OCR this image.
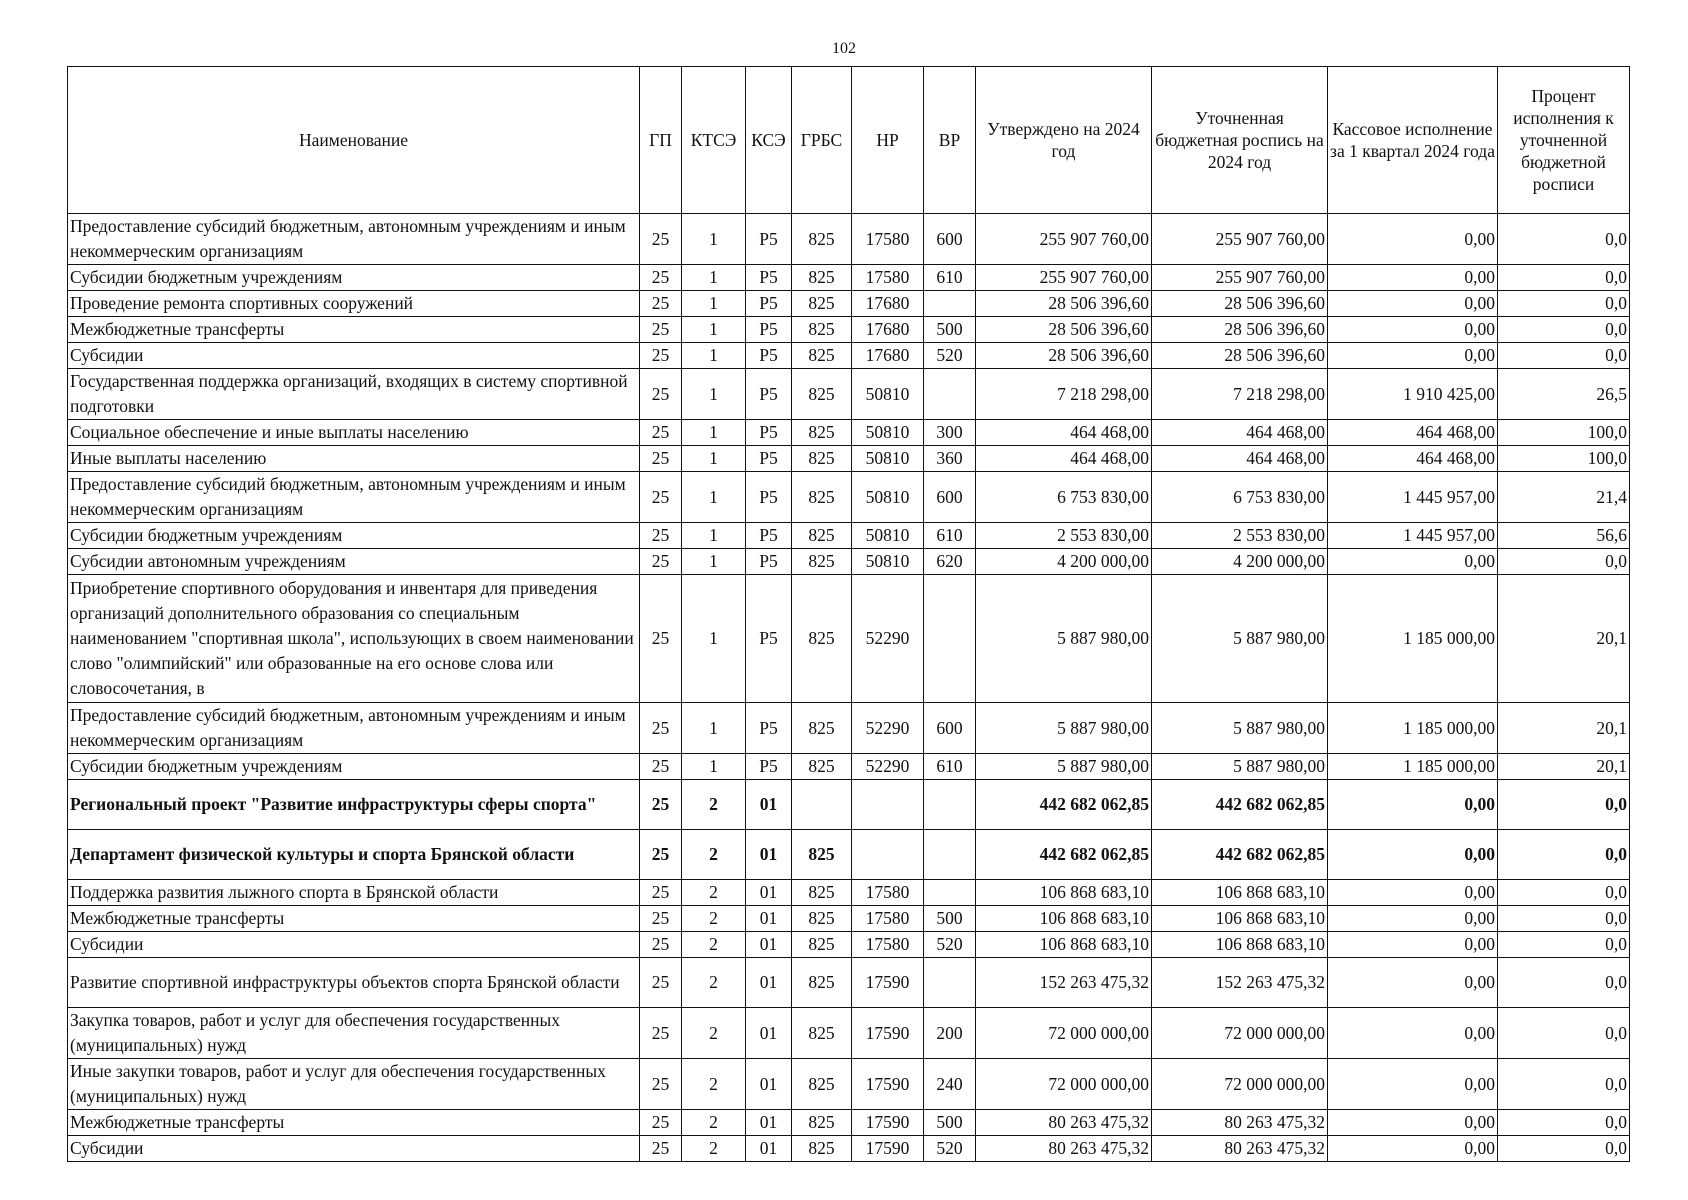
102
Наименование	ГП	КТСЭ	КСЭ	ГРБС	НР	ВР	Утверждено на 2024 год	Уточненная бюджетная роспись на 2024 год	Кассовое исполнение за 1 квартал 2024 года	Процент исполнения к уточненной бюджетной росписи
Предоставление субсидий бюджетным, автономным учреждениям и иным некоммерческим организациям	25	1	Р5	825	17580	600	255 907 760,00	255 907 760,00	0,00	0,0
Субсидии бюджетным учреждениям	25	1	Р5	825	17580	610	255 907 760,00	255 907 760,00	0,00	0,0
Проведение ремонта спортивных сооружений	25	1	Р5	825	17680		28 506 396,60	28 506 396,60	0,00	0,0
Межбюджетные трансферты	25	1	Р5	825	17680	500	28 506 396,60	28 506 396,60	0,00	0,0
Субсидии	25	1	Р5	825	17680	520	28 506 396,60	28 506 396,60	0,00	0,0
Государственная поддержка организаций, входящих в систему спортивной подготовки	25	1	Р5	825	50810		7 218 298,00	7 218 298,00	1 910 425,00	26,5
Социальное обеспечение и иные выплаты населению	25	1	Р5	825	50810	300	464 468,00	464 468,00	464 468,00	100,0
Иные выплаты населению	25	1	Р5	825	50810	360	464 468,00	464 468,00	464 468,00	100,0
Предоставление субсидий бюджетным, автономным учреждениям и иным некоммерческим организациям	25	1	Р5	825	50810	600	6 753 830,00	6 753 830,00	1 445 957,00	21,4
Субсидии бюджетным учреждениям	25	1	Р5	825	50810	610	2 553 830,00	2 553 830,00	1 445 957,00	56,6
Субсидии автономным учреждениям	25	1	Р5	825	50810	620	4 200 000,00	4 200 000,00	0,00	0,0

Приобретение спортивного оборудования и инвентаря для приведения организаций дополнительного образования со специальным наименованием "спортивная школа", использующих в своем наименовании слово "олимпийский" или образованные на его основе слова или словосочетания, в	25	1	Р5	825	52290		5 887 980,00	5 887 980,00	1 185 000,00	20,1
Предоставление субсидий бюджетным, автономным учреждениям и иным некоммерческим организациям	25	1	Р5	825	52290	600	5 887 980,00	5 887 980,00	1 185 000,00	20,1
Субсидии бюджетным учреждениям	25	1	Р5	825	52290	610	5 887 980,00	5 887 980,00	1 185 000,00	20,1
Региональный проект "Развитие инфраструктуры сферы спорта"	25	2	01				442 682 062,85	442 682 062,85	0,00	0,0
Департамент физической культуры и спорта Брянской области	25	2	01	825			442 682 062,85	442 682 062,85	0,00	0,0
Поддержка развития лыжного спорта в Брянской области	25	2	01	825	17580		106 868 683,10	106 868 683,10	0,00	0,0
Межбюджетные трансферты	25	2	01	825	17580	500	106 868 683,10	106 868 683,10	0,00	0,0
Субсидии	25	2	01	825	17580	520	106 868 683,10	106 868 683,10	0,00	0,0
Развитие спортивной инфраструктуры объектов спорта Брянской области	25	2	01	825	17590		152 263 475,32	152 263 475,32	0,00	0,0
Закупка товаров, работ и услуг для обеспечения государственных (муниципальных) нужд	25	2	01	825	17590	200	72 000 000,00	72 000 000,00	0,00	0,0
Иные закупки товаров, работ и услуг для обеспечения государственных (муниципальных) нужд	25	2	01	825	17590	240	72 000 000,00	72 000 000,00	0,00	0,0
Межбюджетные трансферты	25	2	01	825	17590	500	80 263 475,32	80 263 475,32	0,00	0,0
Субсидии	25	2	01	825	17590	520	80 263 475,32	80 263 475,32	0,00	0,0
